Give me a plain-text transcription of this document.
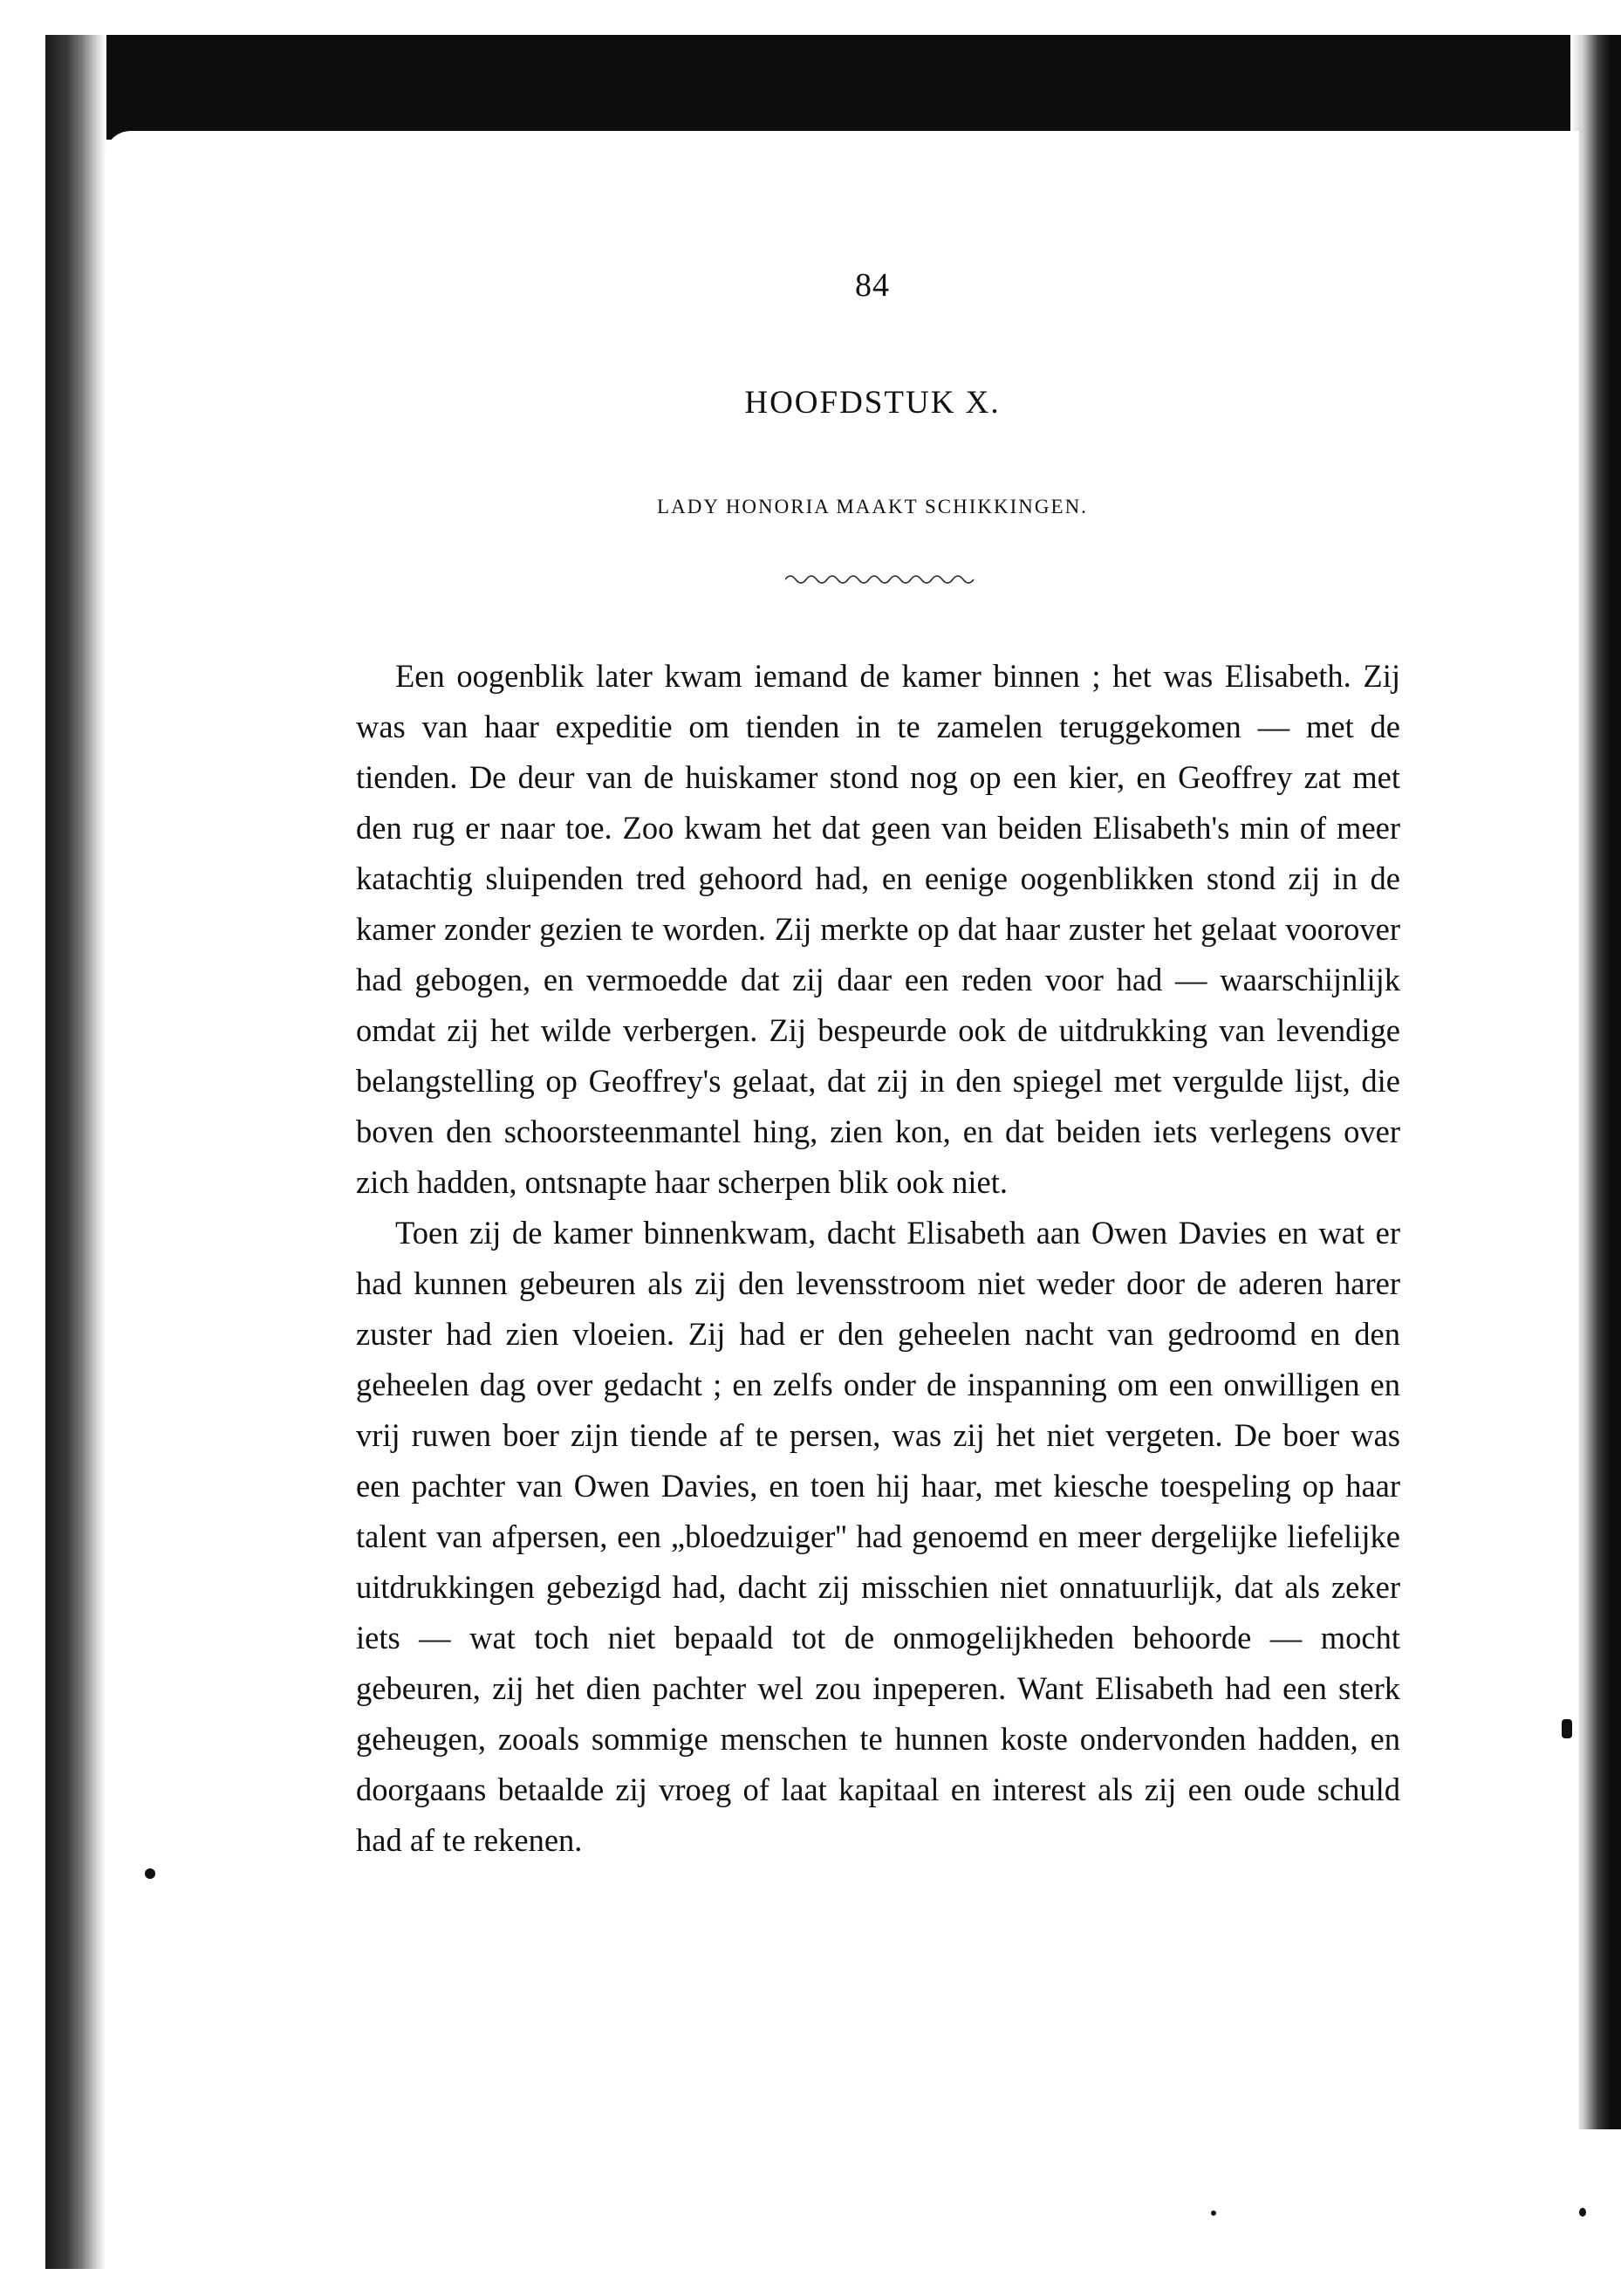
84
HOOFDSTUK X.
LADY HONORIA MAAKT SCHIKKINGEN.

Een oogenblik later kwam iemand de kamer binnen ; het was Elisabeth. Zij was van haar expeditie om tienden in te zamelen teruggekomen — met de tienden. De deur van de huiskamer stond nog op een kier, en Geoffrey zat met den rug er naar toe. Zoo kwam het dat geen van beiden Elisabeth's min of meer katachtig sluipenden tred gehoord had, en eenige oogenblikken stond zij in de kamer zonder gezien te worden. Zij merkte op dat haar zuster het gelaat voorover had gebogen, en vermoedde dat zij daar een reden voor had — waarschijnlijk omdat zij het wilde verbergen. Zij bespeurde ook de uitdrukking van levendige belangstelling op Geoffrey's gelaat, dat zij in den spiegel met vergulde lijst, die boven den schoorsteenmantel hing, zien kon, en dat beiden iets verlegens over zich hadden, ontsnapte haar scherpen blik ook niet.

Toen zij de kamer binnenkwam, dacht Elisabeth aan Owen Davies en wat er had kunnen gebeuren als zij den levensstroom niet weder door de aderen harer zuster had zien vloeien. Zij had er den geheelen nacht van gedroomd en den geheelen dag over gedacht ; en zelfs onder de inspanning om een onwilligen en vrij ruwen boer zijn tiende af te persen, was zij het niet vergeten. De boer was een pachter van Owen Davies, en toen hij haar, met kiesche toespeling op haar talent van afpersen, een „bloedzuiger'' had genoemd en meer dergelijke liefelijke uitdrukkingen gebezigd had, dacht zij misschien niet onnatuurlijk, dat als zeker iets — wat toch niet bepaald tot de onmogelijkheden behoorde — mocht gebeuren, zij het dien pachter wel zou inpeperen. Want Elisabeth had een sterk geheugen, zooals sommige menschen te hunnen koste ondervonden hadden, en doorgaans betaalde zij vroeg of laat kapitaal en interest als zij een oude schuld had af te rekenen.
